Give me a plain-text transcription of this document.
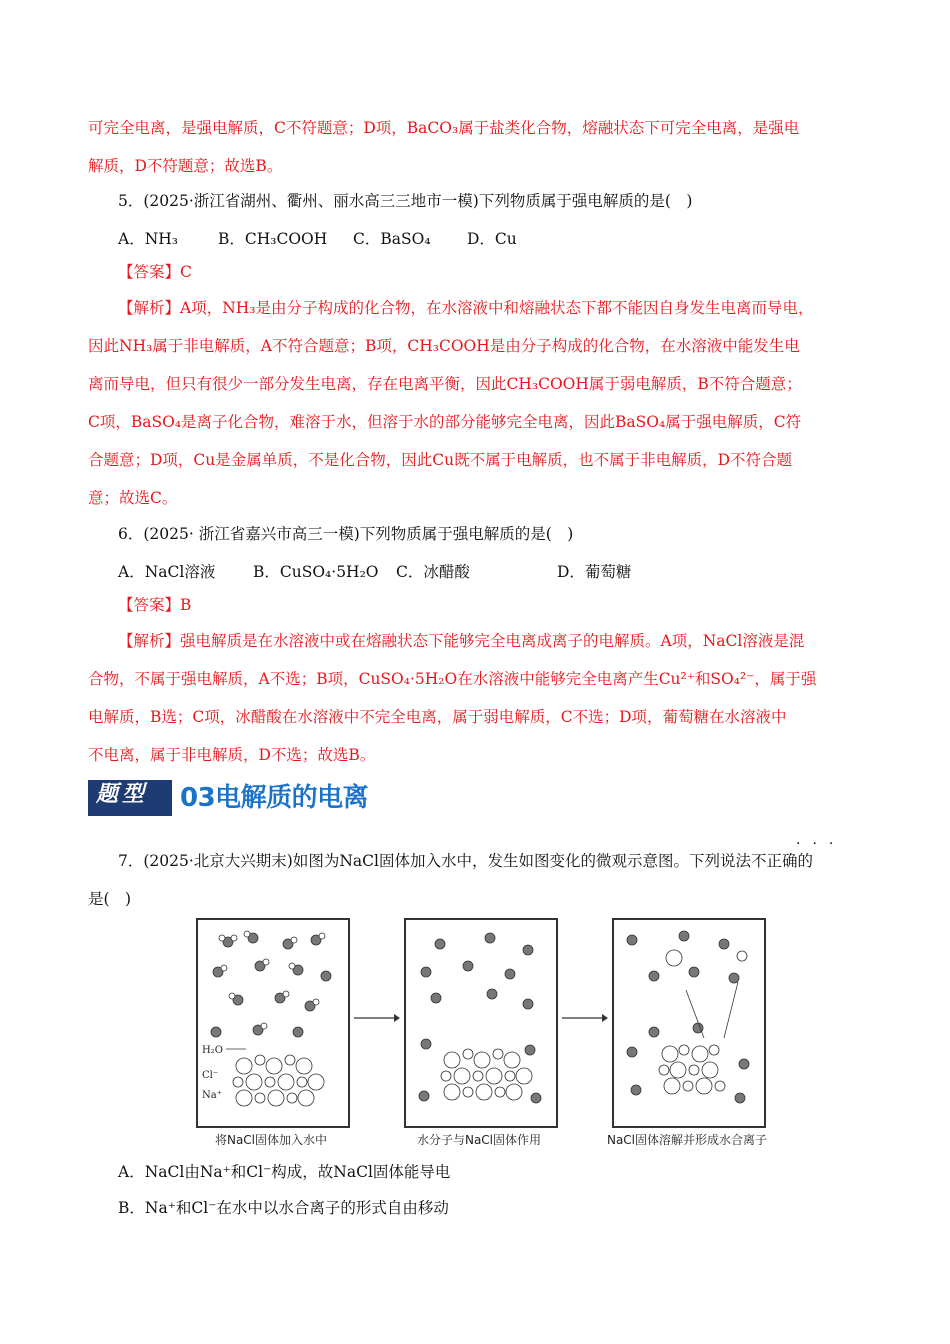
可完全电离，是强电解质，C不符题意；D项，BaCO₃属于盐类化合物，熔融状态下可完全电离，是强电
解质，D不符题意；故选B。
5．(2025·浙江省湖州、衢州、丽水高三三地市一模)下列物质属于强电解质的是(　)
A．NH₃	B．CH₃COOH C．BaSO₄ D．Cu
【答案】C
【解析】A项，NH₃是由分子构成的化合物，在水溶液中和熔融状态下都不能因自身发生电离而导电，
因此NH₃属于非电解质，A不符合题意；B项，CH₃COOH是由分子构成的化合物，在水溶液中能发生电
离而导电，但只有很少一部分发生电离，存在电离平衡，因此CH₃COOH属于弱电解质，B不符合题意；
C项，BaSO₄是离子化合物，难溶于水，但溶于水的部分能够完全电离，因此BaSO₄属于强电解质，C符
合题意；D项，Cu是金属单质，不是化合物，因此Cu既不属于电解质，也不属于非电解质，D不符合题
意；故选C。
6．(2025· 浙江省嘉兴市高三一模)下列物质属于强电解质的是(　)
A．NaCl溶液 B．CuSO₄·5H₂O C．冰醋酸	D．葡萄糖
【答案】B
【解析】强电解质是在水溶液中或在熔融状态下能够完全电离成离子的电解质。A项，NaCl溶液是混
合物，不属于强电解质，A不选；B项，CuSO₄·5H₂O在水溶液中能够完全电离产生Cu²⁺和SO₄²⁻，属于强
电解质，B选；C项，冰醋酸在水溶液中不完全电离，属于弱电解质，C不选；D项，葡萄糖在水溶液中
不电离，属于非电解质，D不选；故选B。
题型	03电解质的电离
···
7．(2025·北京大兴期末)如图为NaCl固体加入水中，发生如图变化的微观示意图。下列说法不正确的
是(　)
H₂O
Cl⁻
Na⁺
将NaCl固体加入水中	水分子与NaCl固体作用	NaCl固体溶解并形成水合离子
A．NaCl由Na⁺和Cl⁻构成，故NaCl固体能导电
B．Na⁺和Cl⁻在水中以水合离子的形式自由移动
